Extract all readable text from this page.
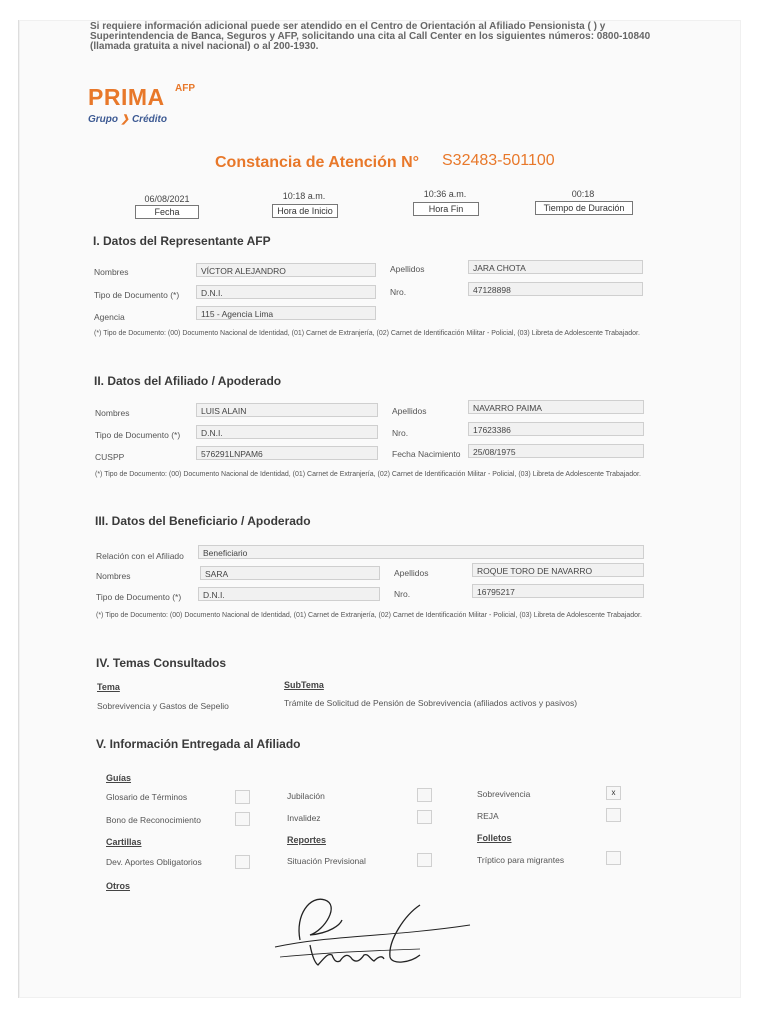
Si requiere información adicional puede ser atendido en el Centro de Orientación al Afiliado Pensionista ( ) y Superintendencia de Banca, Seguros y AFP, solicitando una cita al Call Center en los siguientes números: 0800-10840 (llamada gratuita a nivel nacional) o al 200-1930.
PRIMA AFP
Grupo ❯ Crédito
Constancia de Atención N° S32483-501100
06/08/2021
Fecha
10:18 a.m.
Hora de Inicio
10:36 a.m.
Hora Fin
00:18
Tiempo de Duración
I. Datos del Representante AFP
Nombres	VÍCTOR ALEJANDRO	Apellidos	JARA CHOTA
Tipo de Documento (*)	D.N.I.	Nro.	47128898
Agencia	115 - Agencia Lima
(*) Tipo de Documento: (00) Documento Nacional de Identidad, (01) Carnet de Extranjería, (02) Carnet de Identificación Militar - Policial, (03) Libreta de Adolescente Trabajador.
II. Datos del Afiliado / Apoderado
Nombres	LUIS ALAIN	Apellidos	NAVARRO PAIMA
Tipo de Documento (*)	D.N.I.	Nro.	17623386
CUSPP	576291LNPAM6	Fecha Nacimiento	25/08/1975
(*) Tipo de Documento: (00) Documento Nacional de Identidad, (01) Carnet de Extranjería, (02) Carnet de Identificación Militar - Policial, (03) Libreta de Adolescente Trabajador.
III. Datos del Beneficiario / Apoderado
Relación con el Afiliado	Beneficiario
Nombres	SARA	Apellidos	ROQUE TORO DE NAVARRO
Tipo de Documento (*)	D.N.I.	Nro.	16795217
(*) Tipo de Documento: (00) Documento Nacional de Identidad, (01) Carnet de Extranjería, (02) Carnet de Identificación Militar - Policial, (03) Libreta de Adolescente Trabajador.
IV. Temas Consultados
Tema	SubTema
Sobrevivencia y Gastos de Sepelio	Trámite de Solicitud de Pensión de Sobrevivencia (afiliados activos y pasivos)
V. Información Entregada al Afiliado
Guías
Glosario de Términos	Jubilación	Sobrevivencia	x
Bono de Reconocimiento	Invalidez	REJA
Cartillas	Reportes	Folletos
Dev. Aportes Obligatorios	Situación Previsional	Tríptico para migrantes
Otros
